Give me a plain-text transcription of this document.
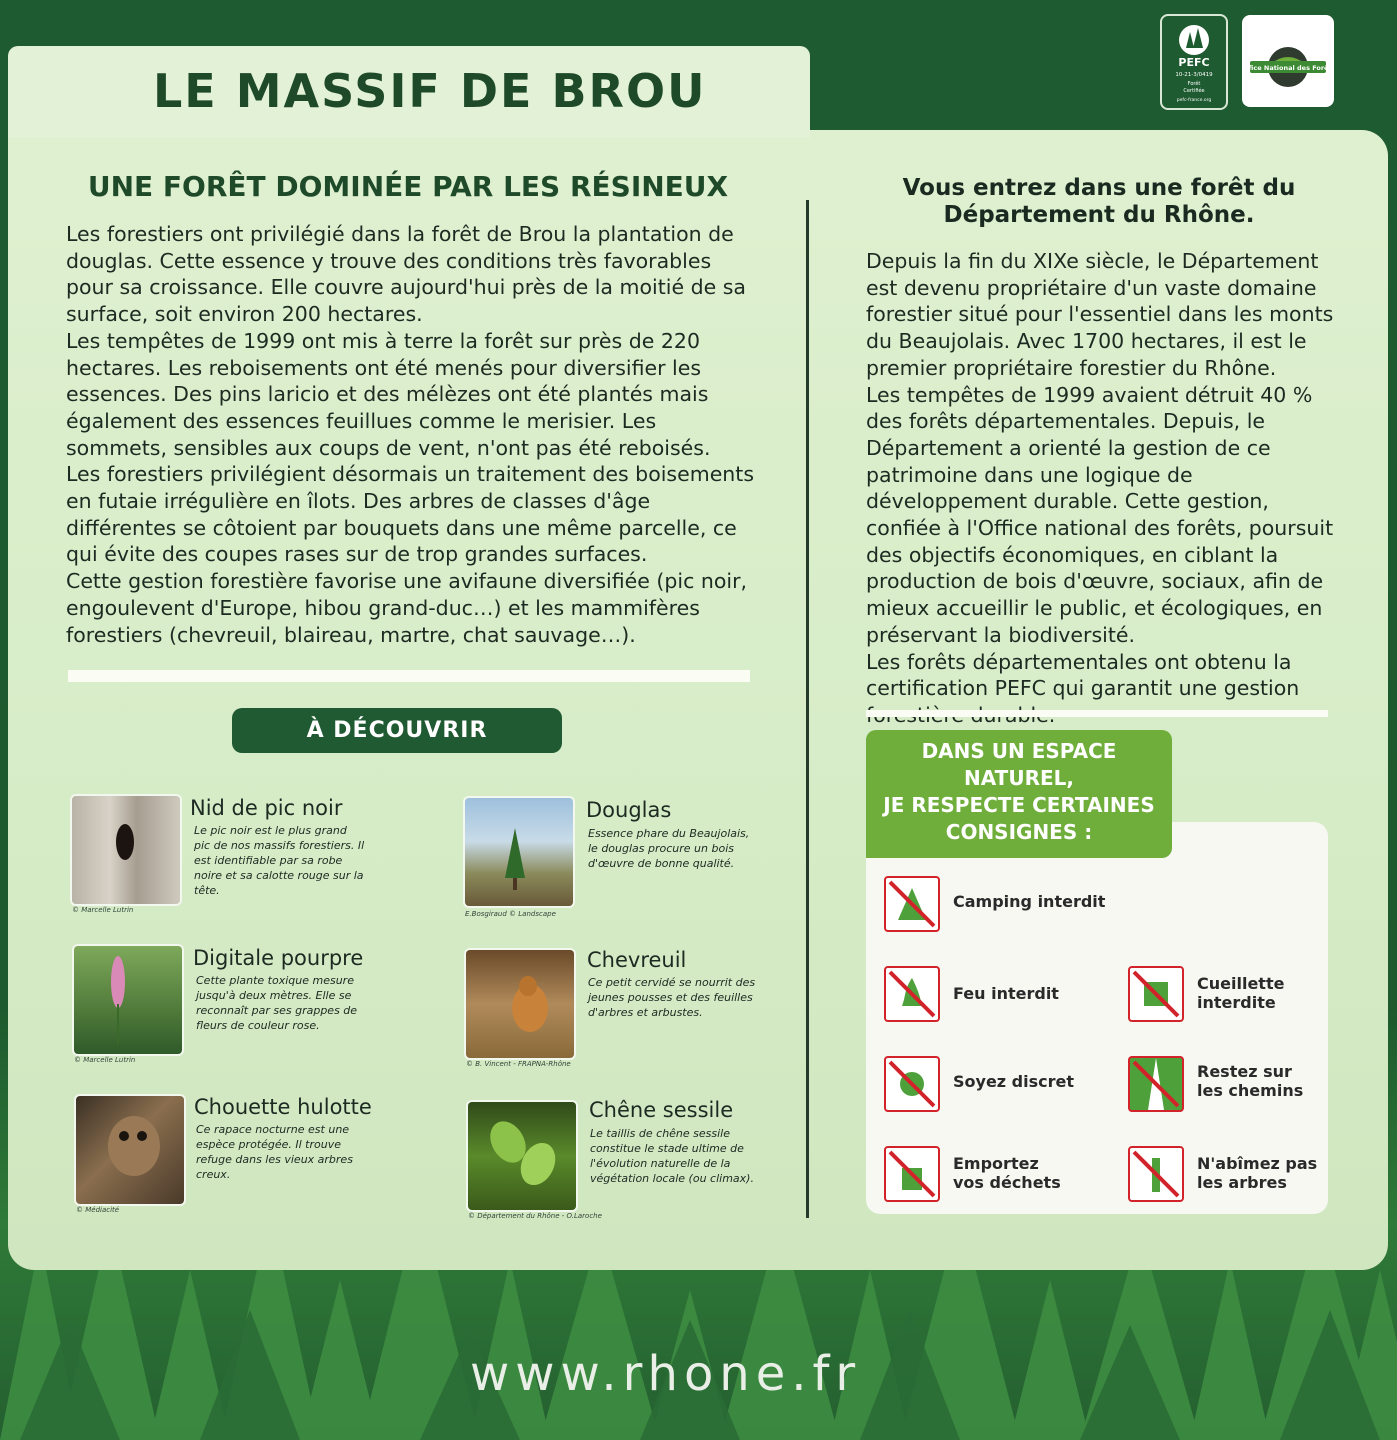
LE MASSIF DE BROU
PEFC
10-21-3/0419
Forêt
Certifiée
pefc-france.org
Office National des Forêts
UNE FORÊT DOMINÉE PAR LES RÉSINEUX

Les forestiers ont privilégié dans la forêt de Brou la plantation de douglas. Cette essence y trouve des conditions très favorables pour sa croissance. Elle couvre aujourd'hui près de la moitié de sa surface, soit environ 200 hectares.

Les tempêtes de 1999 ont mis à terre la forêt sur près de 220 hectares. Les reboisements ont été menés pour diversifier les essences. Des pins laricio et des mélèzes ont été plantés mais également des essences feuillues comme le merisier. Les sommets, sensibles aux coups de vent, n'ont pas été reboisés.

Les forestiers privilégient désormais un traitement des boisements en futaie irrégulière en îlots. Des arbres de classes d'âge différentes se côtoient par bouquets dans une même parcelle, ce qui évite des coupes rases sur de trop grandes surfaces.

Cette gestion forestière favorise une avifaune diversifiée (pic noir, engoulevent d'Europe, hibou grand-duc…) et les mammifères forestiers (chevreuil, blaireau, martre, chat sauvage…).

À DÉCOUVRIR
© Marcelle Lutrin
Nid de pic noir
Le pic noir est le plus grand pic de nos massifs forestiers. Il est identifiable par sa robe noire et sa calotte rouge sur la tête.
E.Bosgiraud © Landscape
Douglas
Essence phare du Beaujolais, le douglas procure un bois d'œuvre de bonne qualité.
© Marcelle Lutrin
Digitale pourpre
Cette plante toxique mesure jusqu'à deux mètres. Elle se reconnaît par ses grappes de fleurs de couleur rose.
© B. Vincent - FRAPNA-Rhône
Chevreuil
Ce petit cervidé se nourrit des jeunes pousses et des feuilles d'arbres et arbustes.
© Médiacité
Chouette hulotte
Ce rapace nocturne est une espèce protégée. Il trouve refuge dans les vieux arbres creux.
© Département du Rhône - O.Laroche
Chêne sessile
Le taillis de chêne sessile constitue le stade ultime de l'évolution naturelle de la végétation locale (ou climax).
Vous entrez dans une forêt du Département du Rhône.

Depuis la fin du XIXe siècle, le Département est devenu propriétaire d'un vaste domaine forestier situé pour l'essentiel dans les monts du Beaujolais. Avec 1700 hectares, il est le premier propriétaire forestier du Rhône.

Les tempêtes de 1999 avaient détruit 40 % des forêts départementales. Depuis, le Département a orienté la gestion de ce patrimoine dans une logique de développement durable. Cette gestion, confiée à l'Office national des forêts, poursuit des objectifs économiques, en ciblant la production de bois d'œuvre, sociaux, afin de mieux accueillir le public, et écologiques, en préservant la biodiversité.

Les forêts départementales ont obtenu la certification PEFC qui garantit une gestion

DANS UN ESPACE
NATUREL,
JE RESPECTE CERTAINES
CONSIGNES :
Camping interdit
Feu interdit
Cueillette interdite
Soyez discret
Restez sur les chemins
Emportez vos déchets
N'abîmez pas les arbres
www.rhone.fr
